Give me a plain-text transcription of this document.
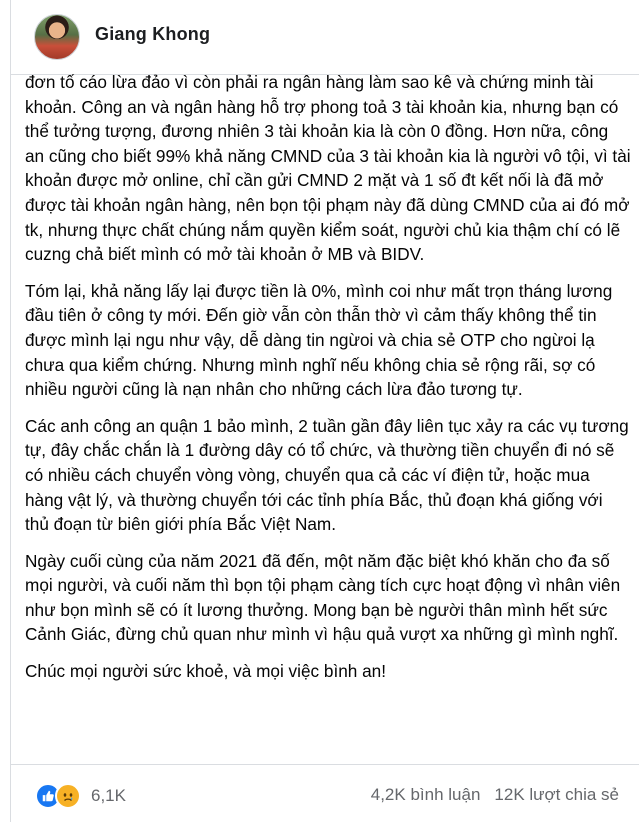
Giang Khong

đơn tố cáo lừa đảo vì còn phải ra ngân hàng làm sao kê và chứng minh tài khoản. Công an và ngân hàng hỗ trợ phong toả 3 tài khoản kia, nhưng bạn có thể tưởng tượng, đương nhiên 3 tài khoản kia là còn 0 đồng. Hơn nữa, công an cũng cho biết 99% khả năng CMND của 3 tài khoản kia là người vô tội, vì tài khoản được mở online, chỉ cần gửi CMND 2 mặt và 1 số đt kết nối là đã mở được tài khoản ngân hàng, nên bọn tội phạm này đã dùng CMND của ai đó mở tk, nhưng thực chất chúng nắm quyền kiểm soát, người chủ kia thậm chí có lẽ cuzng chả biết mình có mở tài khoản ở MB và BIDV.

Tóm lại, khả năng lấy lại được tiền là 0%, mình coi như mất trọn tháng lương đầu tiên ở công ty mới. Đến giờ vẫn còn thẫn thờ vì cảm thấy không thể tin được mình lại ngu như vậy, dễ dàng tin ngừoi và chia sẻ OTP cho ngừoi lạ chưa qua kiểm chứng. Nhưng mình nghĩ nếu không chia sẻ rộng rãi, sợ có nhiều người cũng là nạn nhân cho những cách lừa đảo tương tự.

Các anh công an quận 1 bảo mình, 2 tuần gần đây liên tục xảy ra các vụ tương tự, đây chắc chắn là 1 đường dây có tổ chức, và thường tiền chuyển đi nó sẽ có nhiều cách chuyển vòng vòng, chuyển qua cả các ví điện tử, hoặc mua hàng vật lý, và thường chuyển tới các tỉnh phía Bắc, thủ đoạn khá giống với thủ đoạn từ biên giới phía Bắc Việt Nam.

Ngày cuối cùng của năm 2021 đã đến, một năm đặc biệt khó khăn cho đa số mọi người, và cuối năm thì bọn tội phạm càng tích cực hoạt động vì nhân viên như bọn mình sẽ có ít lương thưởng. Mong bạn bè người thân mình hết sức Cảnh Giác, đừng chủ quan như mình vì hậu quả vượt xa những gì mình nghĩ.

Chúc mọi người sức khoẻ, và mọi việc bình an!

6,1K	4,2K bình luận 12K lượt chia sẻ
